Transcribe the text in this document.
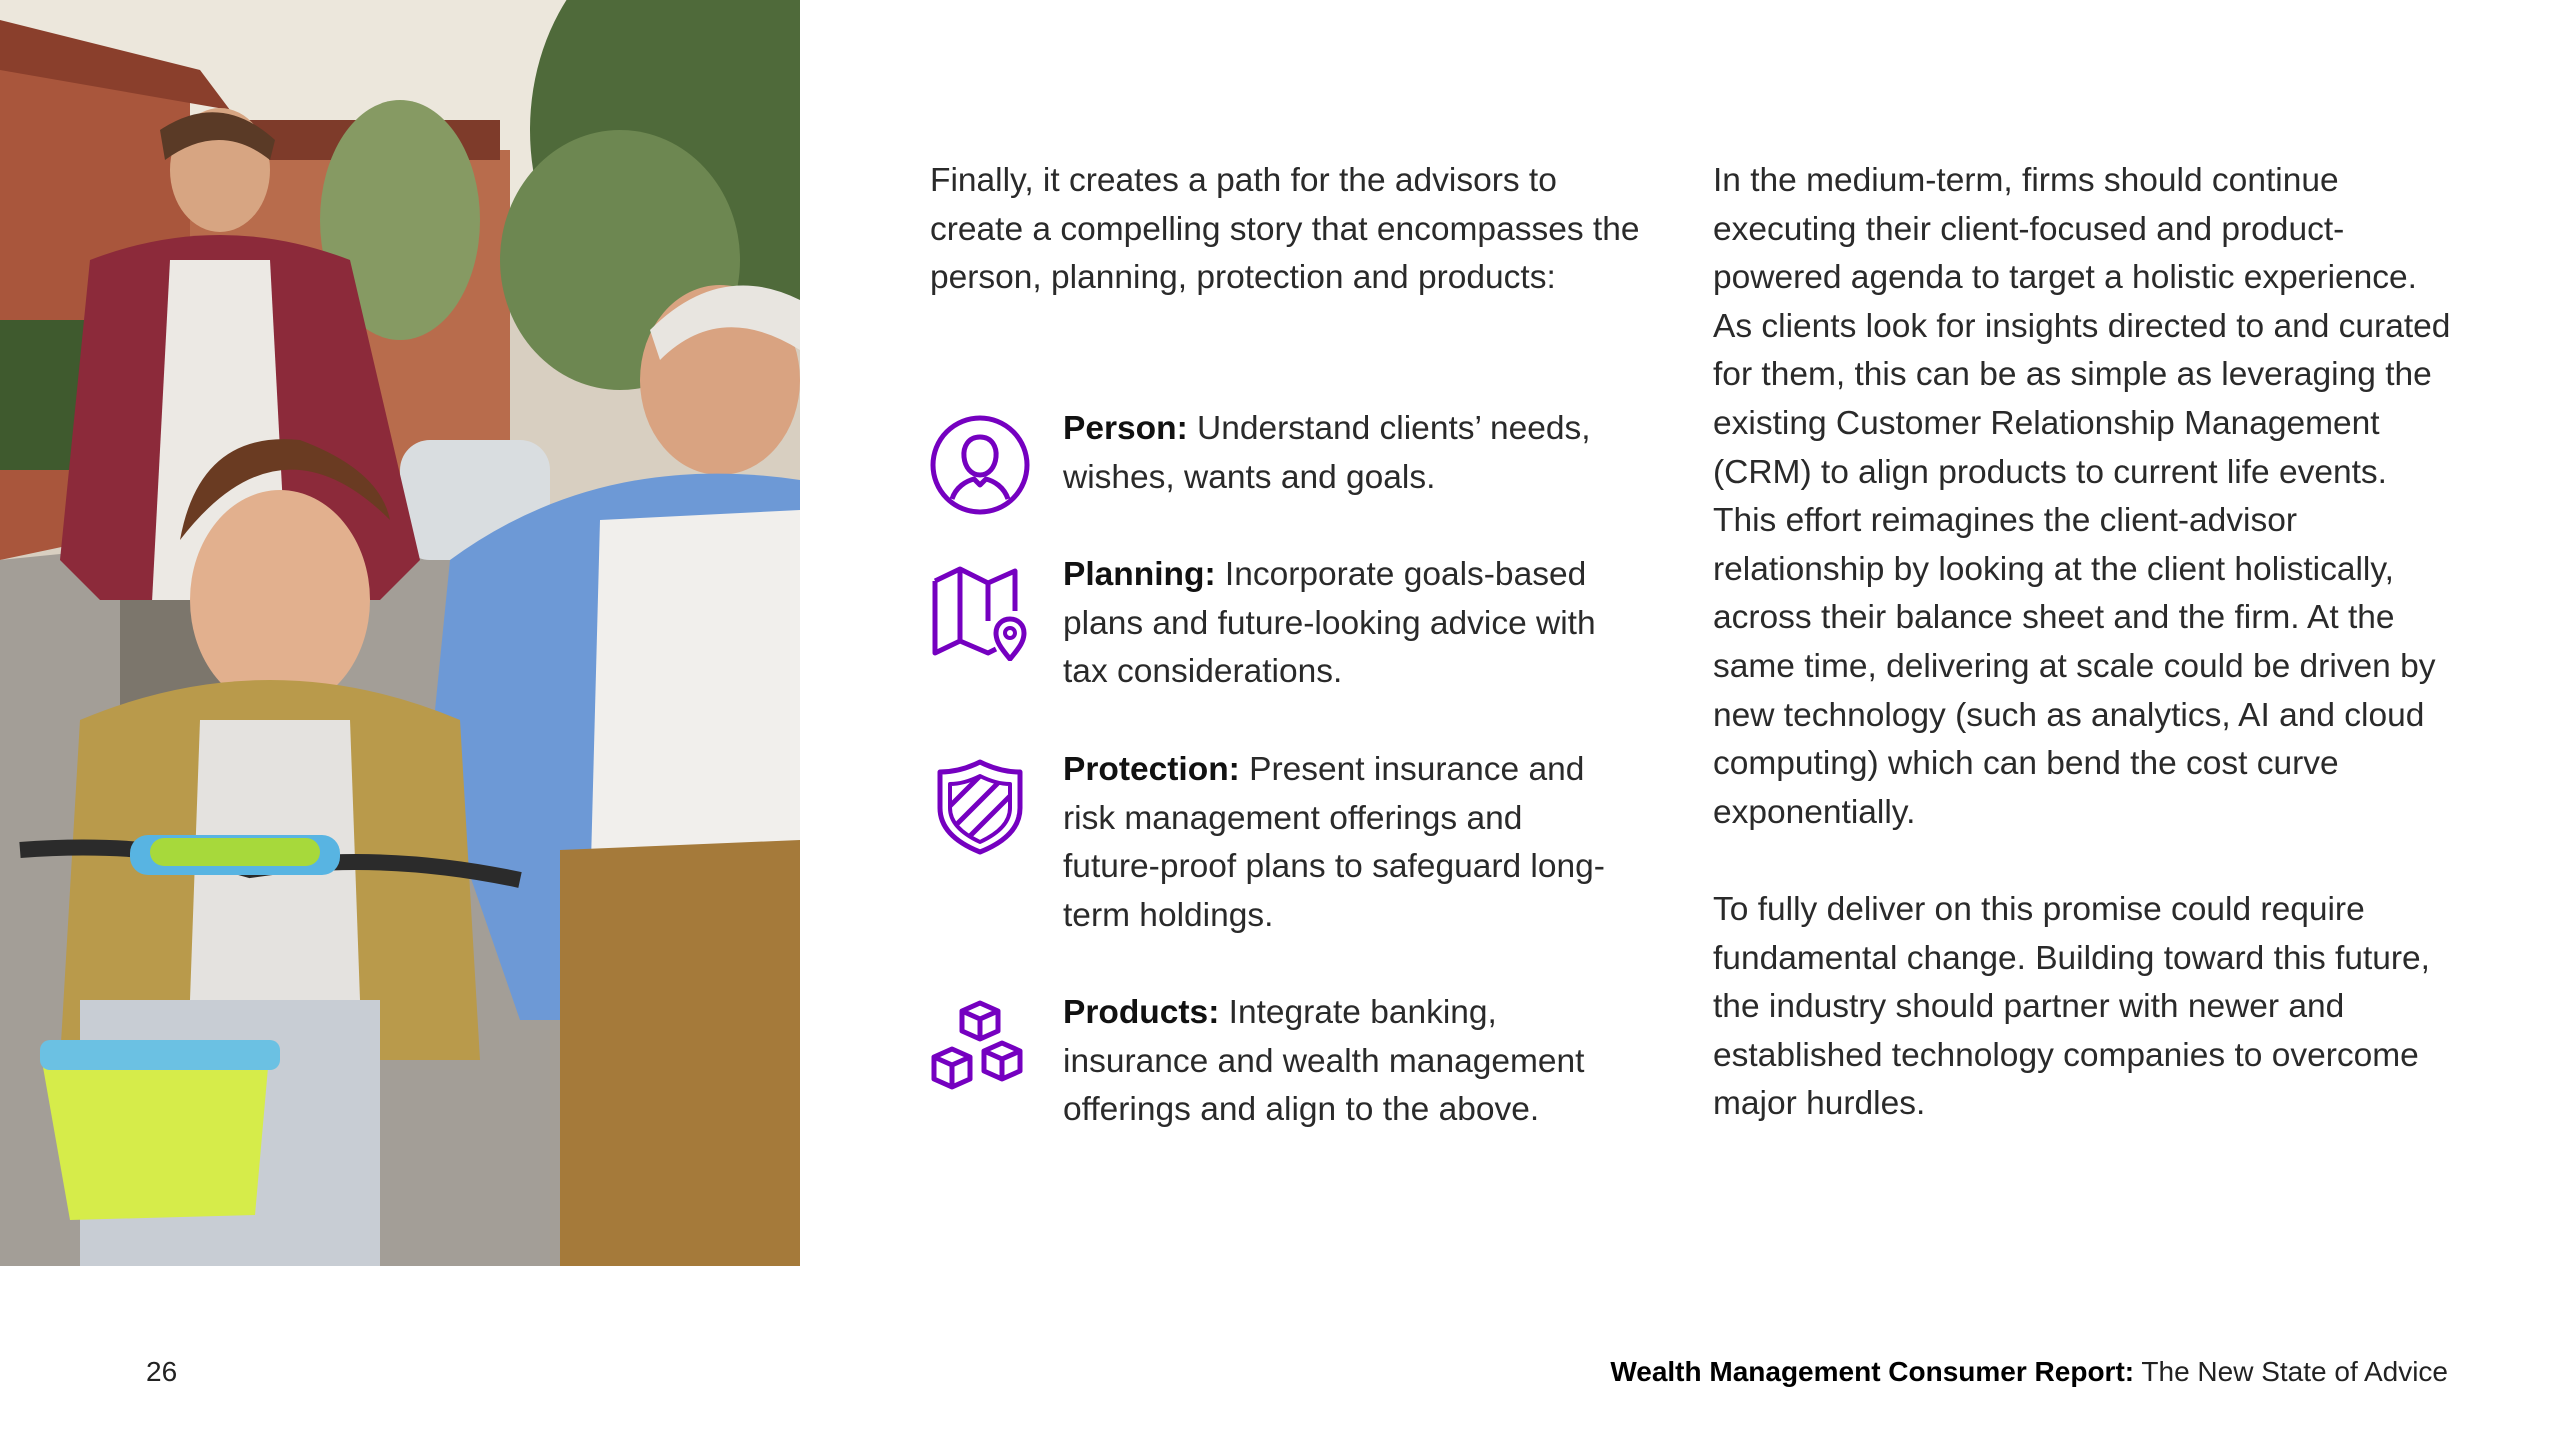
Finally, it creates a path for the advisors to create a compelling story that encompasses the person, planning, protection and products:
Person: Understand clients’ needs, wishes, wants and goals.
Planning: Incorporate goals-based plans and future-looking advice with tax considerations.
Protection: Present insurance and risk management offerings and future-proof plans to safeguard long-term holdings.
Products: Integrate banking, insurance and wealth management offerings and align to the above.

In the medium-term, firms should continue executing their client-focused and product-powered agenda to target a holistic experience. As clients look for insights directed to and curated for them, this can be as simple as leveraging the existing Customer Relationship Management (CRM) to align products to current life events. This effort reimagines the client-advisor relationship by looking at the client holistically, across their balance sheet and the firm. At the same time, delivering at scale could be driven by new technology (such as analytics, AI and cloud computing) which can bend the cost curve exponentially.

To fully deliver on this promise could require fundamental change. Building toward this future, the industry should partner with newer and established technology companies to overcome major hurdles.

26	Wealth Management Consumer Report: The New State of Advice
